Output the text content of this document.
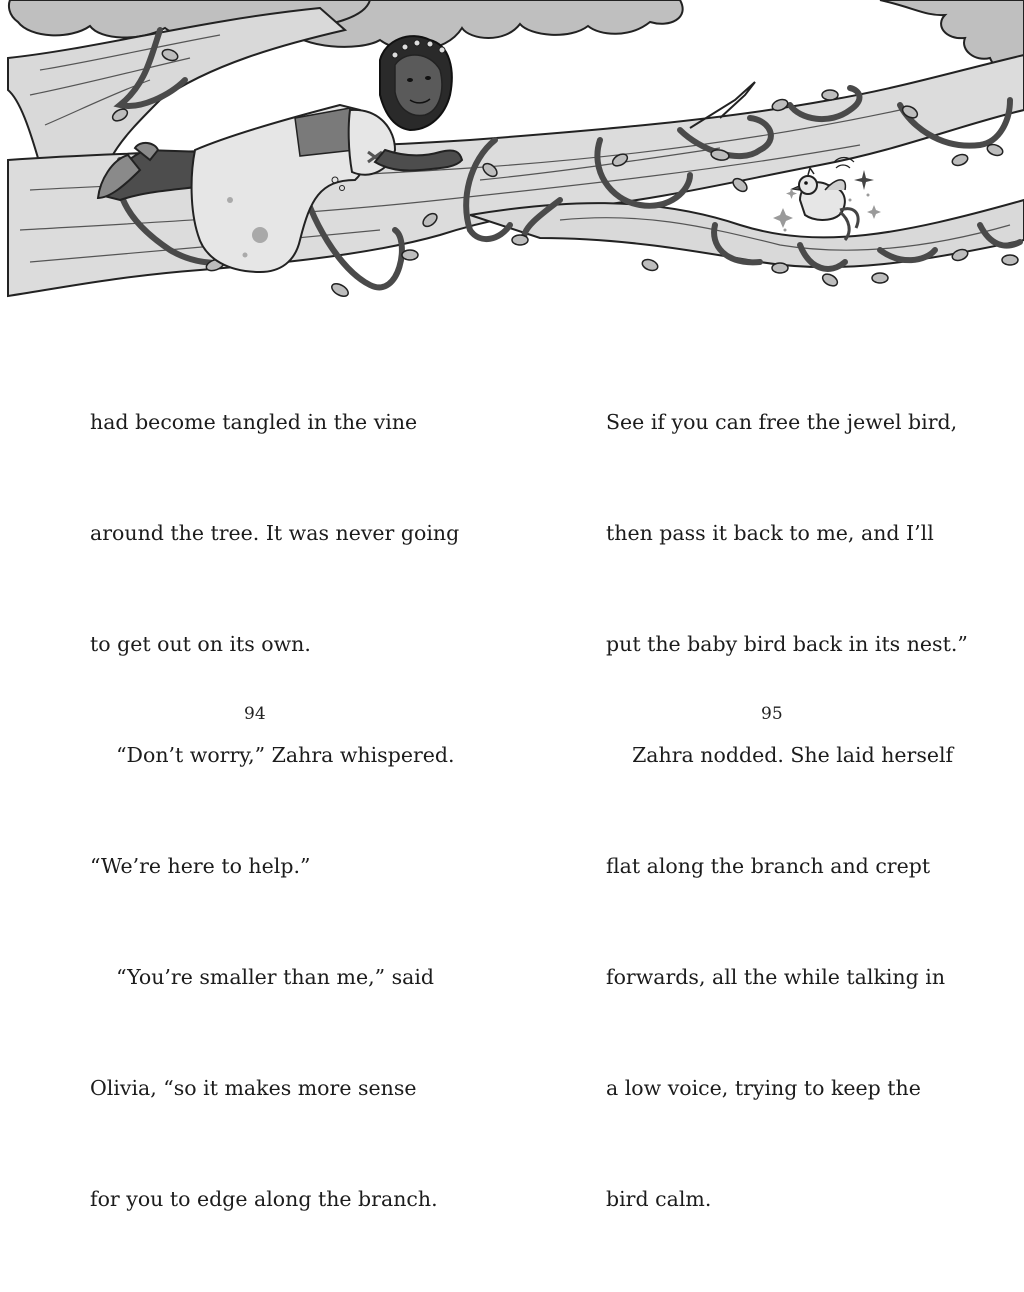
had become tangled in the vine

around the tree. It was never going

to get out on its own.

“Don’t worry,” Zahra whispered.

“We’re here to help.”

“You’re smaller than me,” said

Olivia, “so it makes more sense

for you to edge along the branch.

See if you can free the jewel bird,

then pass it back to me, and I’ll

put the baby bird back in its nest.”

Zahra nodded. She laid herself

flat along the branch and crept

forwards, all the while talking in

a low voice, trying to keep the

bird calm.

94	95
